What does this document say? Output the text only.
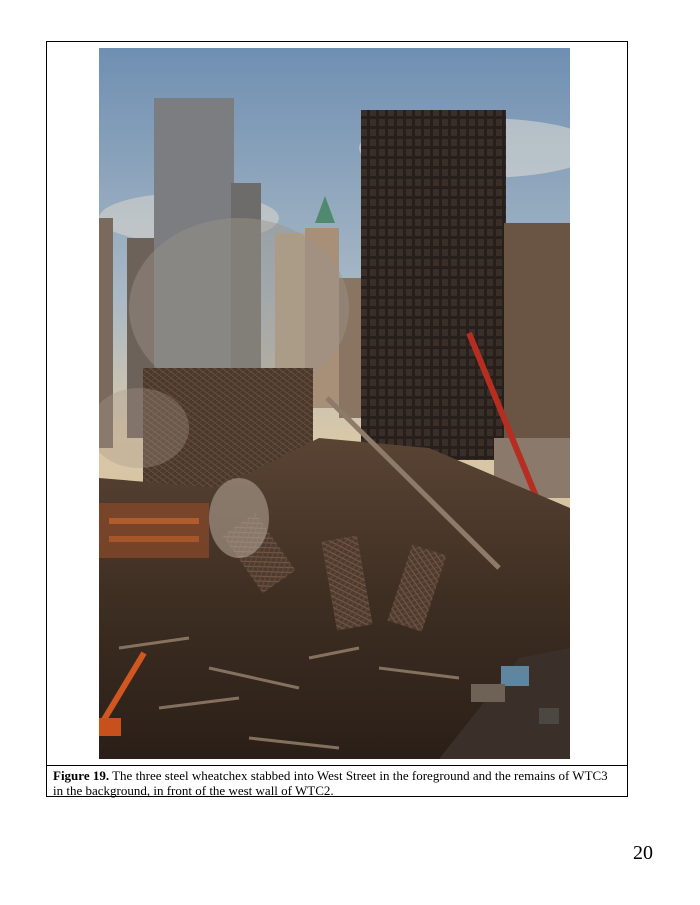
Figure 19. The three steel wheatchex stabbed into West Street in the foreground and the remains of WTC3 in the background, in front of the west wall of WTC2.
20
